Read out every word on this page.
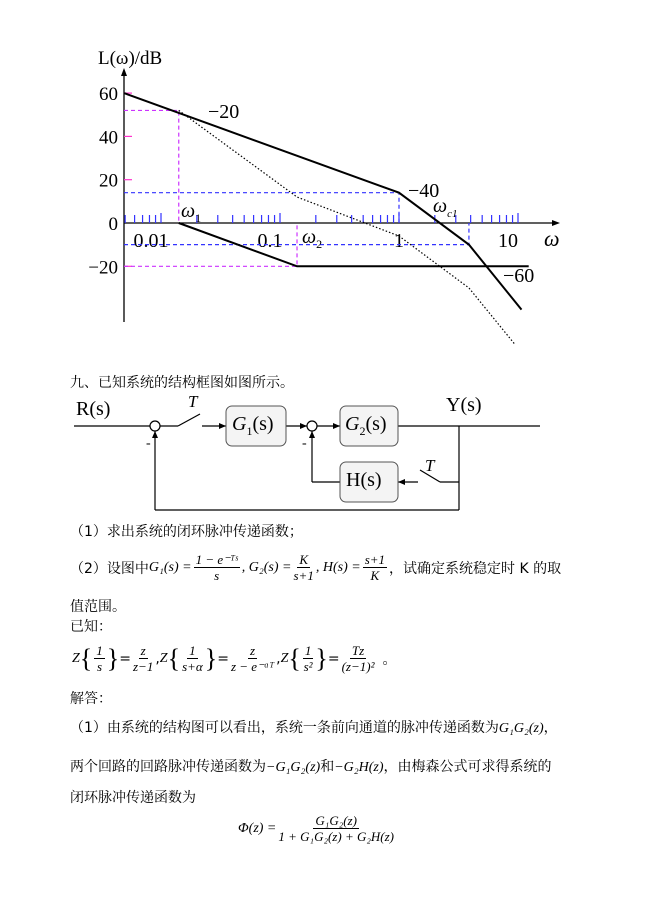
60
40
20
0
−20
0.01	0.1	1	10
L(ω)/dB
ω
−20
−40
−60
$\omega_1$
$\omega_2$
$\omega_{c1}$
九、已知系统的结构框图如图所示。
R(s)	Y(s)
T
T
-	-
$G_1(s)$	$G_2(s)$
H(s)
（1）求出系统的闭环脉冲传递函数；
（2）设图中 $G_1(s) = \frac{\text{1 − e⁻ᵀˢ}}{s}$ , $G_2(s) = \frac{K}{s+1}$ , $H(s) = \frac{s+1}{K}$ ，试确定系统稳定时 K 的取
值范围。
已知：
Z { $\frac{1}{s}$ } = $\frac{z}{z-1}$ , Z { $\frac{1}{s+\alpha}$ } = $\frac{z}{\text{z − e⁻ᵅᵀ}}$ , Z { $\frac{1}{\text{s²}}$ } = $\frac{Tz}{\text{(z−1)²}}$ 。
解答：
（1）由系统的结构图可以看出，系统一条前向通道的脉冲传递函数为G₁G₂(z)，
两个回路的回路脉冲传递函数为−G₁G₂(z)和−G₂H(z)，由梅森公式可求得系统的
闭环脉冲传递函数为
$\Phi(z) = \frac{\text{G₁G₂(z)}}{\text{1 + G₁G₂(z) + G₂H(z)}}$
